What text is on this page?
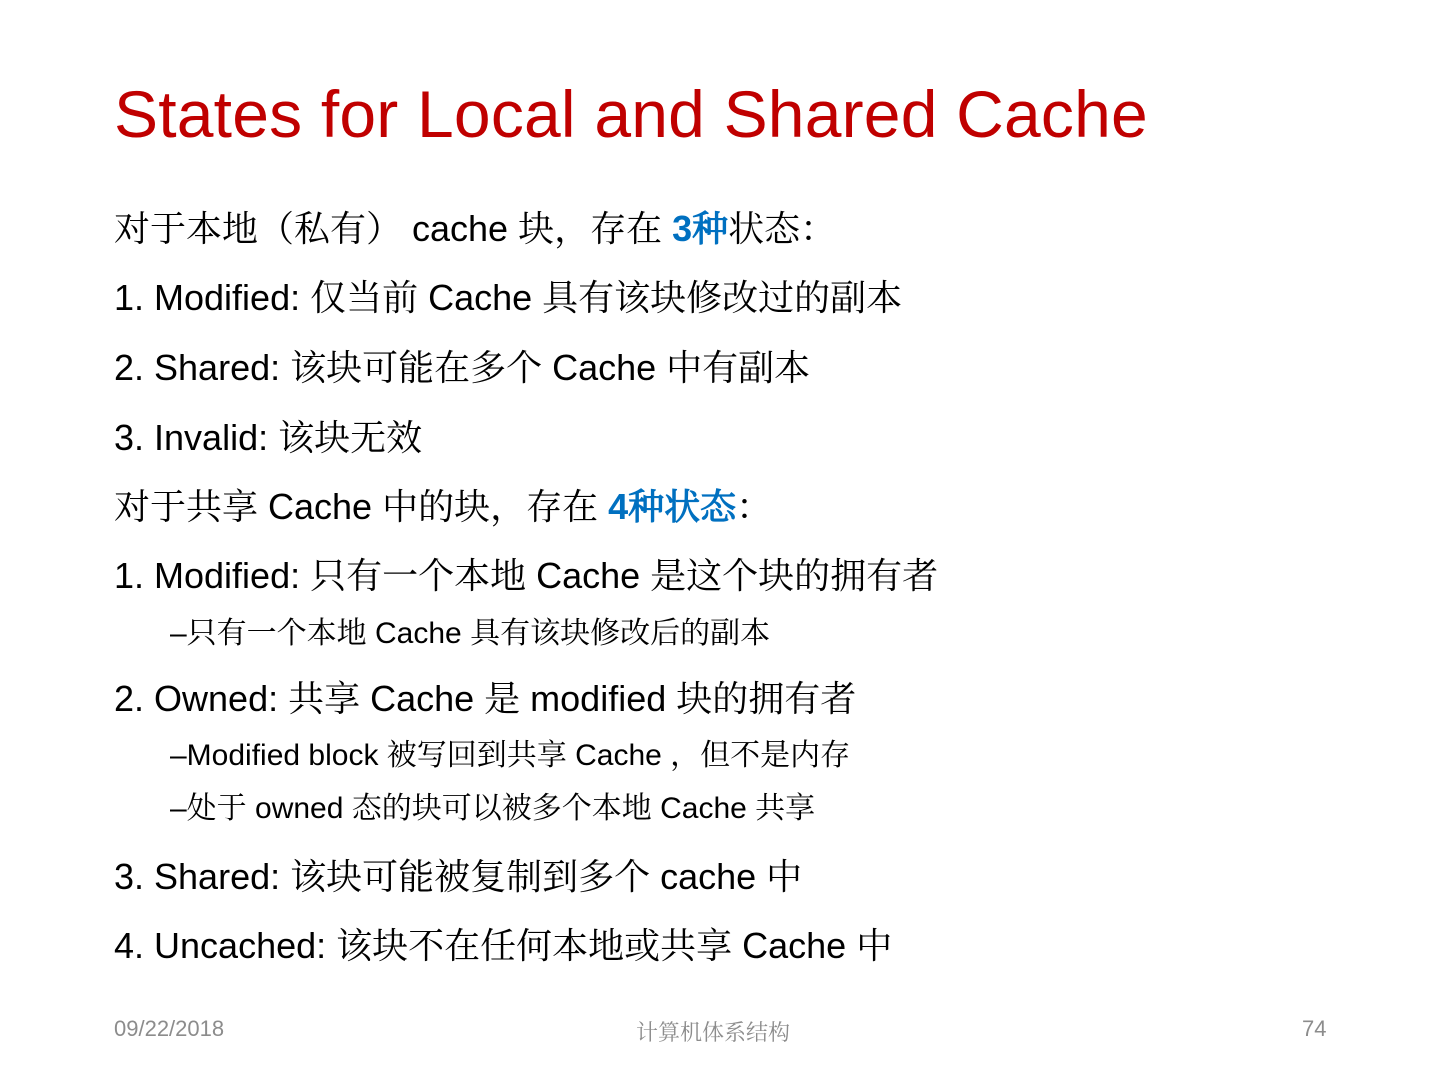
States for Local and Shared Cache
对于本地（私有） cache 块，存在 3种状态：
1. Modified: 仅当前 Cache 具有该块修改过的副本
2. Shared: 该块可能在多个 Cache 中有副本
3. Invalid: 该块无效
对于共享 Cache 中的块，存在 4种状态：
1. Modified: 只有一个本地 Cache 是这个块的拥有者
–只有一个本地 Cache 具有该块修改后的副本
2. Owned: 共享 Cache 是 modified 块的拥有者
–Modified block 被写回到共享 Cache ，但不是内存
–处于 owned 态的块可以被多个本地 Cache 共享
3. Shared: 该块可能被复制到多个 cache 中
4. Uncached: 该块不在任何本地或共享 Cache 中
09/22/2018	计算机体系结构	74
